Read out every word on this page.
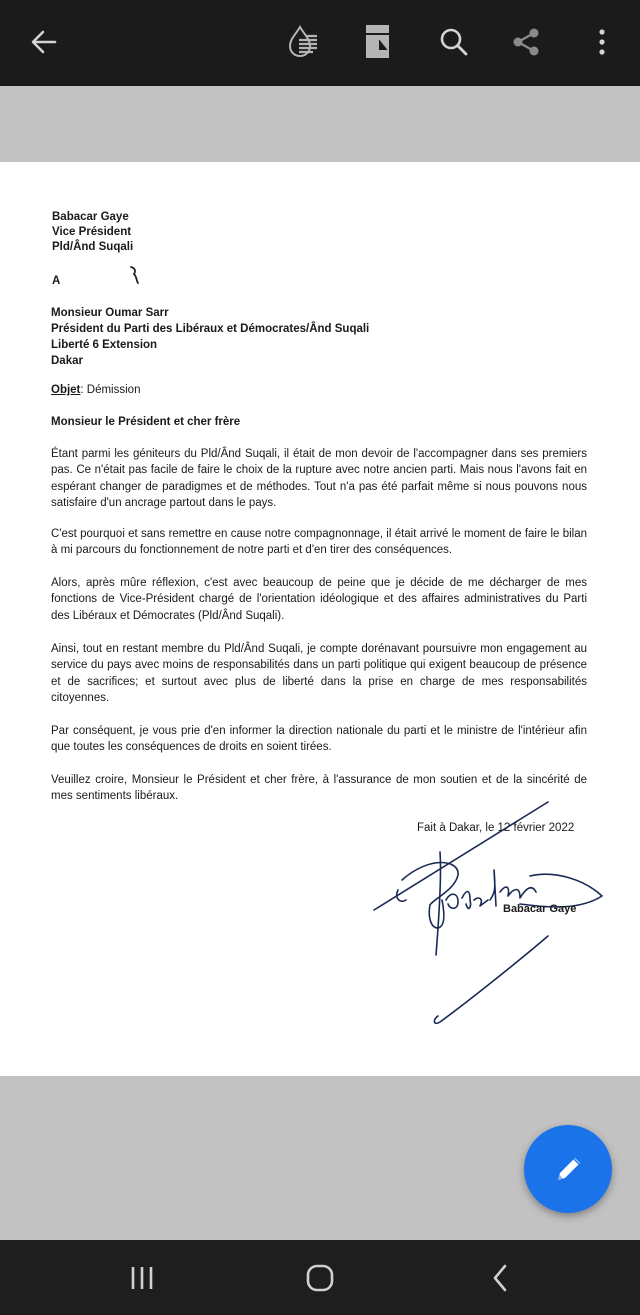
Babacar Gaye
Vice Président
Pld/Ând Suqali
A
Monsieur Oumar Sarr
Président du Parti des Libéraux et Démocrates/Ând Suqali
Liberté 6 Extension
Dakar
Objet: Démission
Monsieur le Président et cher frère

Étant parmi les géniteurs du Pld/Ând Suqali, il était de mon devoir de l'accompagner dans ses premiers pas. Ce n'était pas facile de faire le choix de la rupture avec notre ancien parti. Mais nous l'avons fait en espérant changer de paradigmes et de méthodes. Tout n'a pas été parfait même si nous pouvons nous satisfaire d'un ancrage partout dans le pays.

C'est pourquoi et sans remettre en cause notre compagnonnage, il était arrivé le moment de faire le bilan à mi parcours du fonctionnement de notre parti et d'en tirer des conséquences.

Alors, après mûre réflexion, c'est avec beaucoup de peine que je décide de me décharger de mes fonctions de Vice-Président chargé de l'orientation idéologique et des affaires administratives du Parti des Libéraux et Démocrates (Pld/Ând Suqali).

Ainsi, tout en restant membre du Pld/Ând Suqali, je compte dorénavant poursuivre mon engagement au service du pays avec moins de responsabilités dans un parti politique qui exigent beaucoup de présence et de sacrifices; et surtout avec plus de liberté dans la prise en charge de mes responsabilités citoyennes.

Par conséquent, je vous prie d'en informer la direction nationale du parti et le ministre de l'intérieur afin que toutes les conséquences de droits en soient tirées.

Veuillez croire, Monsieur le Président et cher frère, à l'assurance de mon soutien et de la sincérité de mes sentiments libéraux.

Fait à Dakar, le 12 février 2022
Babacar Gaye
